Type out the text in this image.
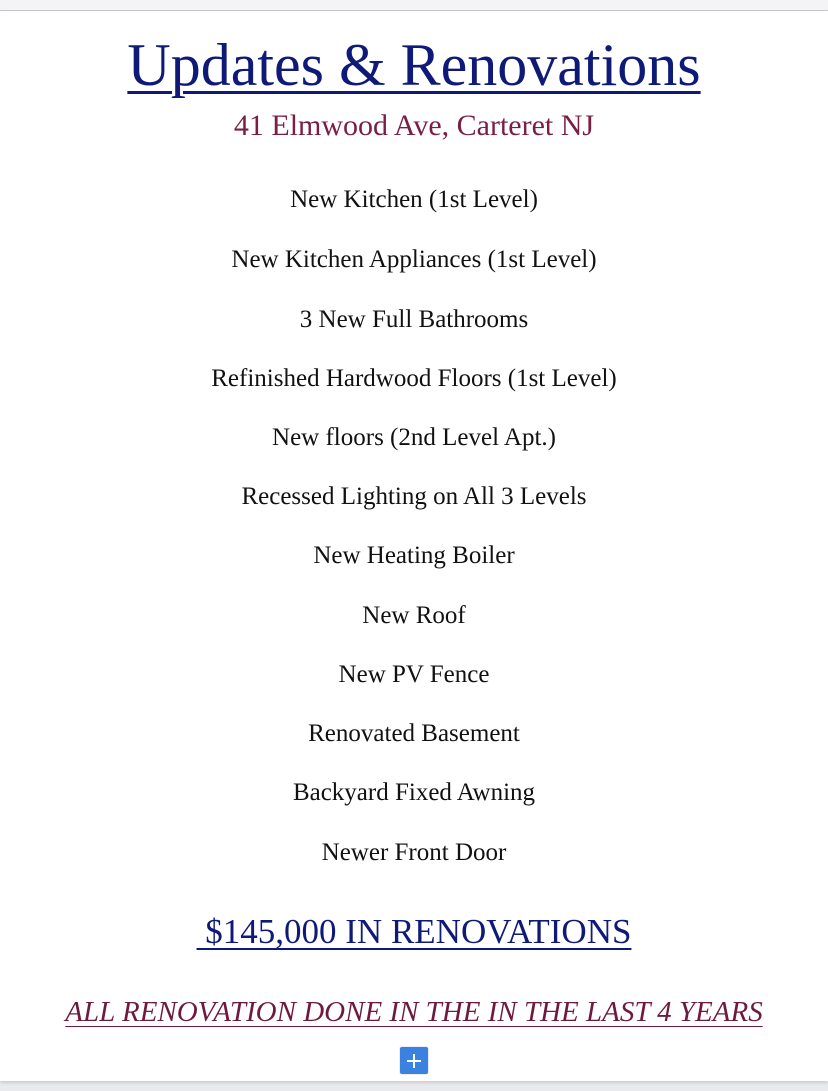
Updates & Renovations
41 Elmwood Ave, Carteret NJ
New Kitchen (1st Level)
New Kitchen Appliances (1st Level)
3 New Full Bathrooms
Refinished Hardwood Floors (1st Level)
New floors (2nd Level Apt.)
Recessed Lighting on All 3 Levels
New Heating Boiler
New Roof
New PV Fence
Renovated Basement
Backyard Fixed Awning
Newer Front Door
$145,000 IN RENOVATIONS
ALL RENOVATION DONE IN THE IN THE LAST 4 YEARS
